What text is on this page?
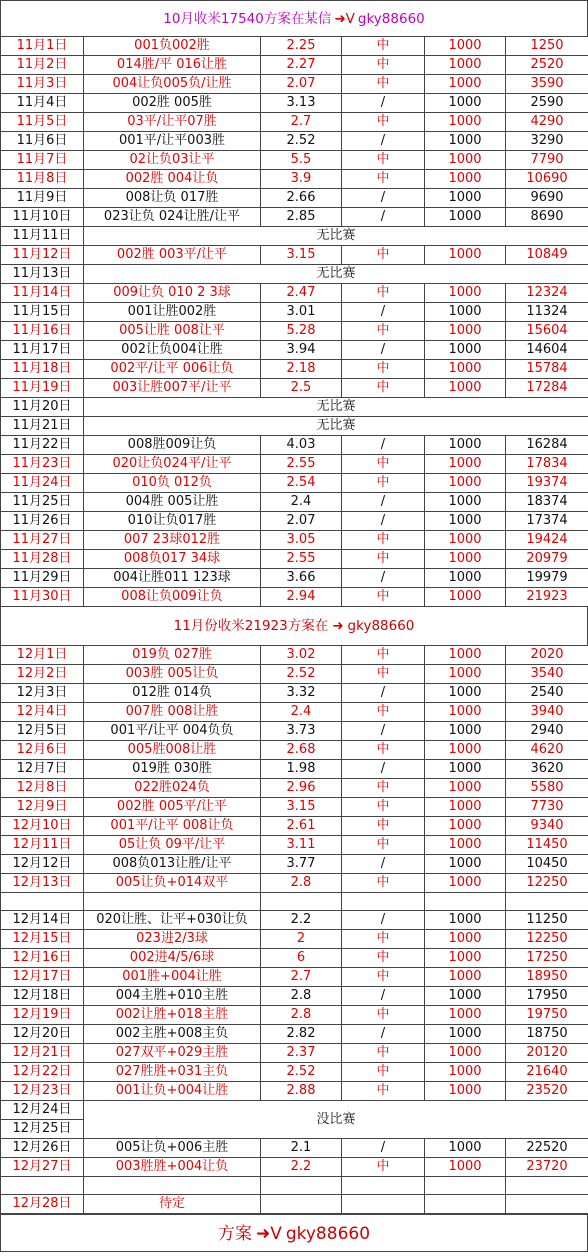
10月收米17540方案在某信 ➜V gky88660
11月1日	001负002胜	2.25	中	1000	1250
11月2日	014胜/平 016让胜	2.27	中	1000	2520
11月3日	004让负005负/让胜	2.07	中	1000	3590
11月4日	002胜 005胜	3.13	/	1000	2590
11月5日	03平/让平07胜	2.7	中	1000	4290
11月6日	001平/让平003胜	2.52	/	1000	3290
11月7日	02让负03让平	5.5	中	1000	7790
11月8日	002胜 004让负	3.9	中	1000	10690
11月9日	008让负 017胜	2.66	/	1000	9690
11月10日	023让负 024让胜/让平	2.85	/	1000	8690
11月11日	无比赛				
11月12日	002胜 003平/让平	3.15	中	1000	10849
11月13日	无比赛				
11月14日	009让负 010 2 3球	2.47	中	1000	12324
11月15日	001让胜002胜	3.01	/	1000	11324
11月16日	005让胜 008让平	5.28	中	1000	15604
11月17日	002让负004让胜	3.94	/	1000	14604
11月18日	002平/让平 006让负	2.18	中	1000	15784
11月19日	003让胜007平/让平	2.5	中	1000	17284
11月20日	无比赛				
11月21日	无比赛				
11月22日	008胜009让负	4.03	/	1000	16284
11月23日	020让负024平/让平	2.55	中	1000	17834
11月24日	010负 012负	2.54	中	1000	19374
11月25日	004胜 005让胜	2.4	/	1000	18374
11月26日	010让负017胜	2.07	/	1000	17374
11月27日	007 23球012胜	3.05	中	1000	19424
11月28日	008负017 34球	2.55	中	1000	20979
11月29日	004让胜011 123球	3.66	/	1000	19979
11月30日	008让负009让负	2.94	中	1000	21923
11月份收米21923方案在 ➜ gky88660
12月1日	019负 027胜	3.02	中	1000	2020
12月2日	003胜 005让负	2.52	中	1000	3540
12月3日	012胜 014负	3.32	/	1000	2540
12月4日	007胜 008让胜	2.4	中	1000	3940
12月5日	001平/让平 004负负	3.73	/	1000	2940
12月6日	005胜008让胜	2.68	中	1000	4620
12月7日	019胜 030胜	1.98	/	1000	3620
12月8日	022胜024负	2.96	中	1000	5580
12月9日	002胜 005平/让平	3.15	中	1000	7730
12月10日	001平/让平 008让负	2.61	中	1000	9340
12月11日	05让负 09平/让平	3.11	中	1000	11450
12月12日	008负013让胜/让平	3.77	/	1000	10450
12月13日	005让负+014双平	2.8	中	1000	12250

12月14日	020让胜、让平+030让负	2.2	/	1000	11250
12月15日	023进2/3球	2	中	1000	12250
12月16日	002进4/5/6球	6	中	1000	17250
12月17日	001胜+004让胜	2.7	中	1000	18950
12月18日	004主胜+010主胜	2.8	/	1000	17950
12月19日	002让胜+018主胜	2.8	中	1000	19750
12月20日	002主胜+008主负	2.82	/	1000	18750
12月21日	027双平+029主胜	2.37	中	1000	20120
12月22日	027胜胜+031主负	2.52	中	1000	21640
12月23日	001让负+004让胜	2.88	中	1000	23520
12月24日	没比赛				
12月25日					
12月26日	005让负+006主胜	2.1	/	1000	22520
12月27日	003胜胜+004让负	2.2	中	1000	23720

12月28日	待定				
方案 ➜V gky88660
